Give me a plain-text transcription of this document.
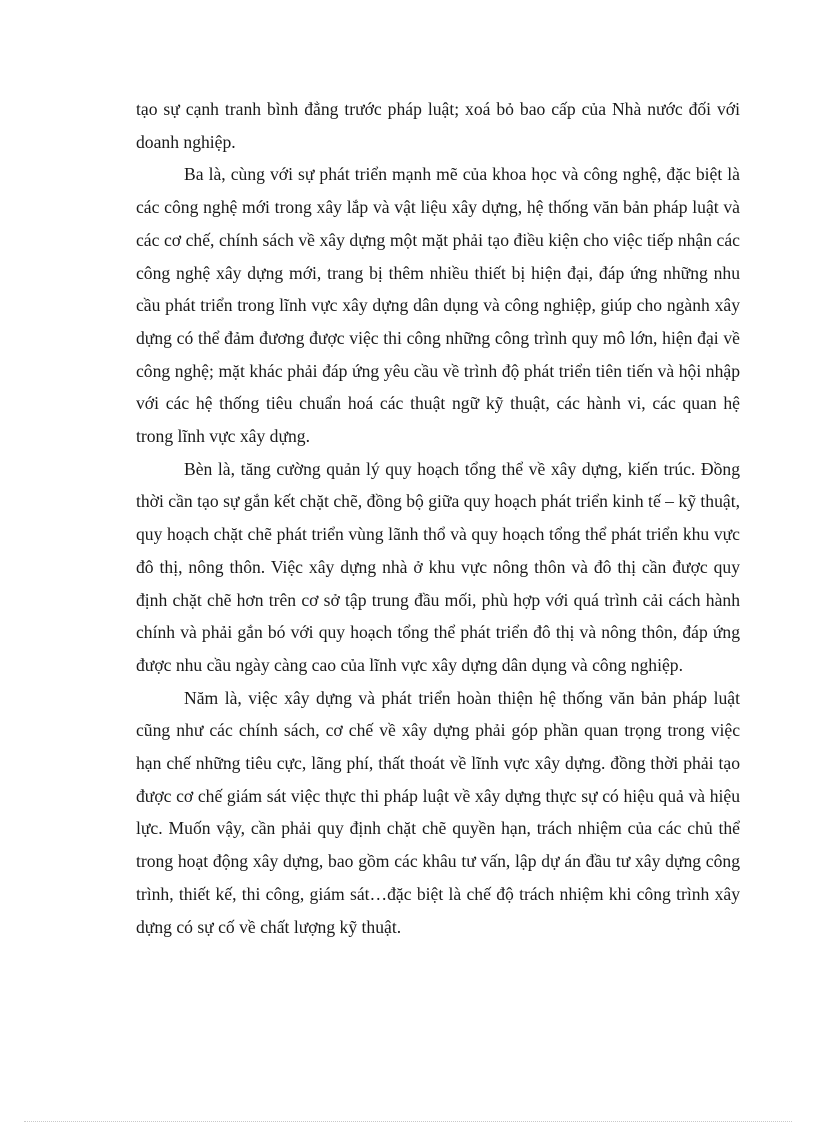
tạo sự cạnh tranh bình đẳng trước pháp luật; xoá bỏ bao cấp của Nhà nước đối với doanh nghiệp.

Ba là, cùng với sự phát triển mạnh mẽ của khoa học và công nghệ, đặc biệt là các công nghệ mới trong xây lắp và vật liệu xây dựng, hệ thống văn bản pháp luật và các cơ chế, chính sách về xây dựng một mặt phải tạo điều kiện cho việc tiếp nhận các công nghệ xây dựng mới, trang bị thêm nhiều thiết bị hiện đại, đáp ứng những nhu cầu phát triển trong lĩnh vực xây dựng dân dụng và công nghiệp, giúp cho ngành xây dựng có thể đảm đương được việc thi công những công trình quy mô lớn, hiện đại về công nghệ; mặt khác phải đáp ứng yêu cầu về trình độ phát triển tiên tiến và hội nhập với các hệ thống tiêu chuẩn hoá các thuật ngữ kỹ thuật, các hành vi, các quan hệ trong lĩnh vực xây dựng.

Bèn là, tăng cường quản lý quy hoạch tổng thể về xây dựng, kiến trúc. Đồng thời cần tạo sự gắn kết chặt chẽ, đồng bộ giữa quy hoạch phát triển kinh tế – kỹ thuật, quy hoạch chặt chẽ phát triển vùng lãnh thổ và quy hoạch tổng thể phát triển khu vực đô thị, nông thôn. Việc xây dựng nhà ở khu vực nông thôn và đô thị cần được quy định chặt chẽ hơn trên cơ sở tập trung đầu mối, phù hợp với quá trình cải cách hành chính và phải gắn bó với quy hoạch tổng thể phát triển đô thị và nông thôn, đáp ứng được nhu cầu ngày càng cao của lĩnh vực xây dựng dân dụng và công nghiệp.

Năm là, việc xây dựng và phát triển hoàn thiện hệ thống văn bản pháp luật cũng như các chính sách, cơ chế về xây dựng phải góp phần quan trọng trong việc hạn chế những tiêu cực, lãng phí, thất thoát về lĩnh vực xây dựng. đồng thời phải tạo được cơ chế giám sát việc thực thi pháp luật về xây dựng thực sự có hiệu quả và hiệu lực. Muốn vậy, cần phải quy định chặt chẽ quyền hạn, trách nhiệm của các chủ thể trong hoạt động xây dựng, bao gồm các khâu tư vấn, lập dự án đầu tư xây dựng công trình, thiết kế, thi công, giám sát…đặc biệt là chế độ trách nhiệm khi công trình xây dựng có sự cố về chất lượng kỹ thuật.
